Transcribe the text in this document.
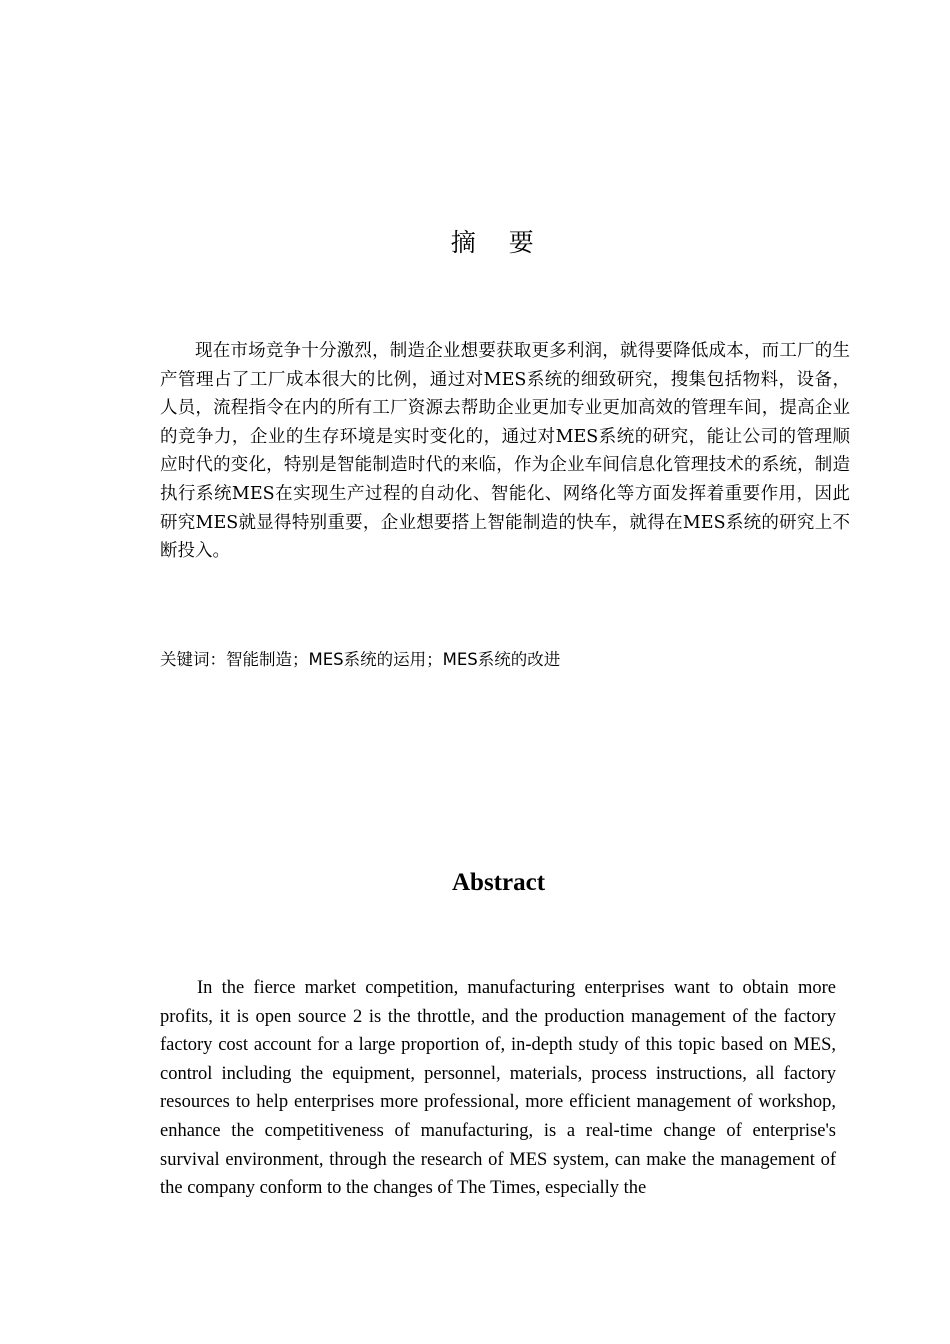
摘 要

现在市场竞争十分激烈，制造企业想要获取更多利润，就得要降低成本，而工厂的生产管理占了工厂成本很大的比例，通过对MES系统的细致研究，搜集包括物料，设备，人员，流程指令在内的所有工厂资源去帮助企业更加专业更加高效的管理车间，提高企业的竞争力，企业的生存环境是实时变化的，通过对MES系统的研究，能让公司的管理顺应时代的变化，特别是智能制造时代的来临，作为企业车间信息化管理技术的系统，制造执行系统MES在实现生产过程的自动化、智能化、网络化等方面发挥着重要作用，因此研究MES就显得特别重要，企业想要搭上智能制造的快车，就得在MES系统的研究上不断投入。

关键词：智能制造；MES系统的运用；MES系统的改进

Abstract

In the fierce market competition, manufacturing enterprises want to obtain more profits, it is open source 2 is the throttle, and the production management of the factory factory cost account for a large proportion of, in-depth study of this topic based on MES, control including the equipment, personnel, materials, process instructions, all factory resources to help enterprises more professional, more efficient management of workshop, enhance the competitiveness of manufacturing, is a real-time change of enterprise's survival environment, through the research of MES system, can make the management of the company conform to the changes of The Times, especially the
